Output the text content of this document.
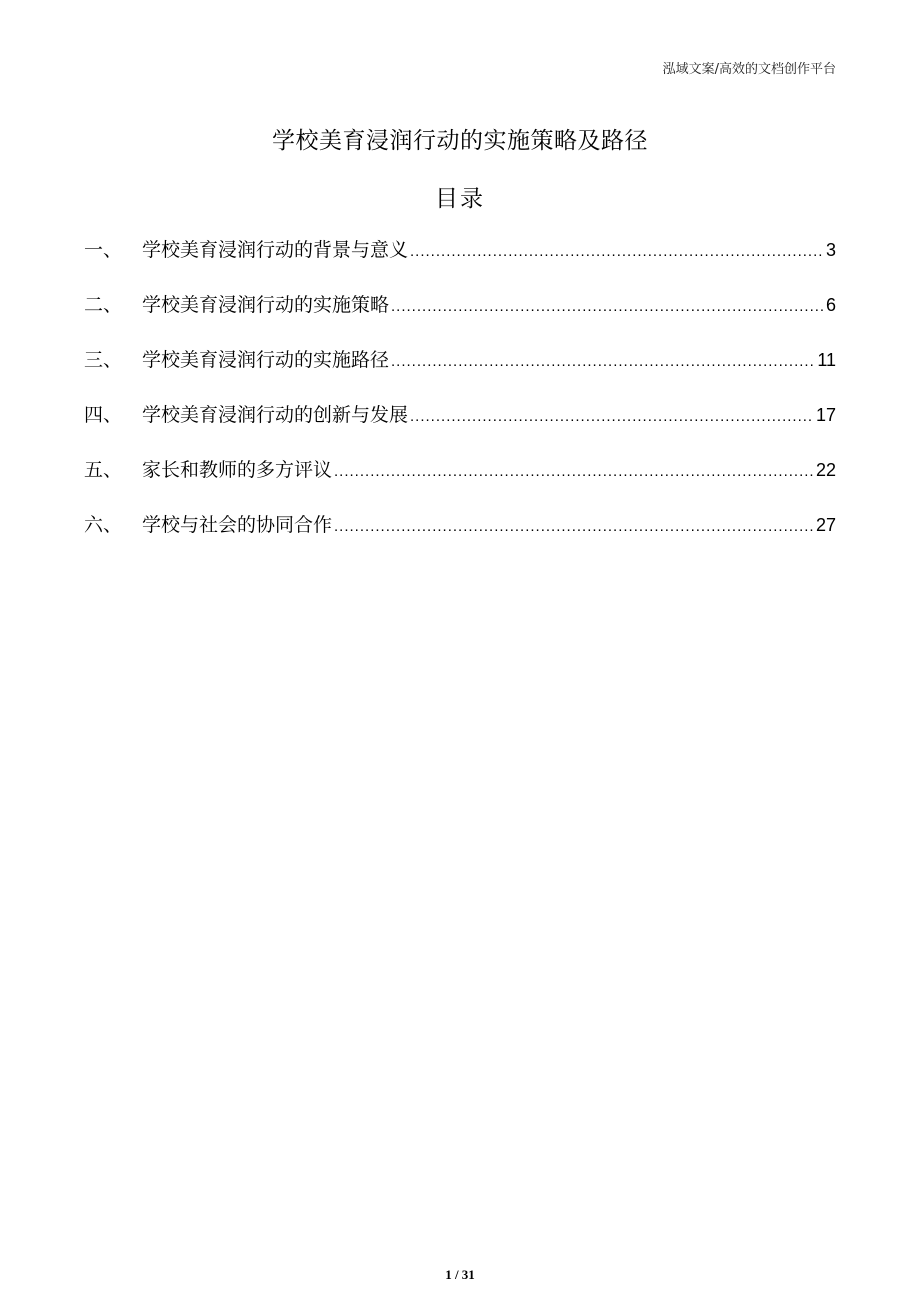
泓域文案/高效的文档创作平台
学校美育浸润行动的实施策略及路径
目录
一、	学校美育浸润行动的背景与意义 .....	3
二、	学校美育浸润行动的实施策略 .....	6
三、	学校美育浸润行动的实施路径 .....	11
四、	学校美育浸润行动的创新与发展 .....	17
五、	家长和教师的多方评议 .....	22
六、	学校与社会的协同合作 .....	27
1 / 31
